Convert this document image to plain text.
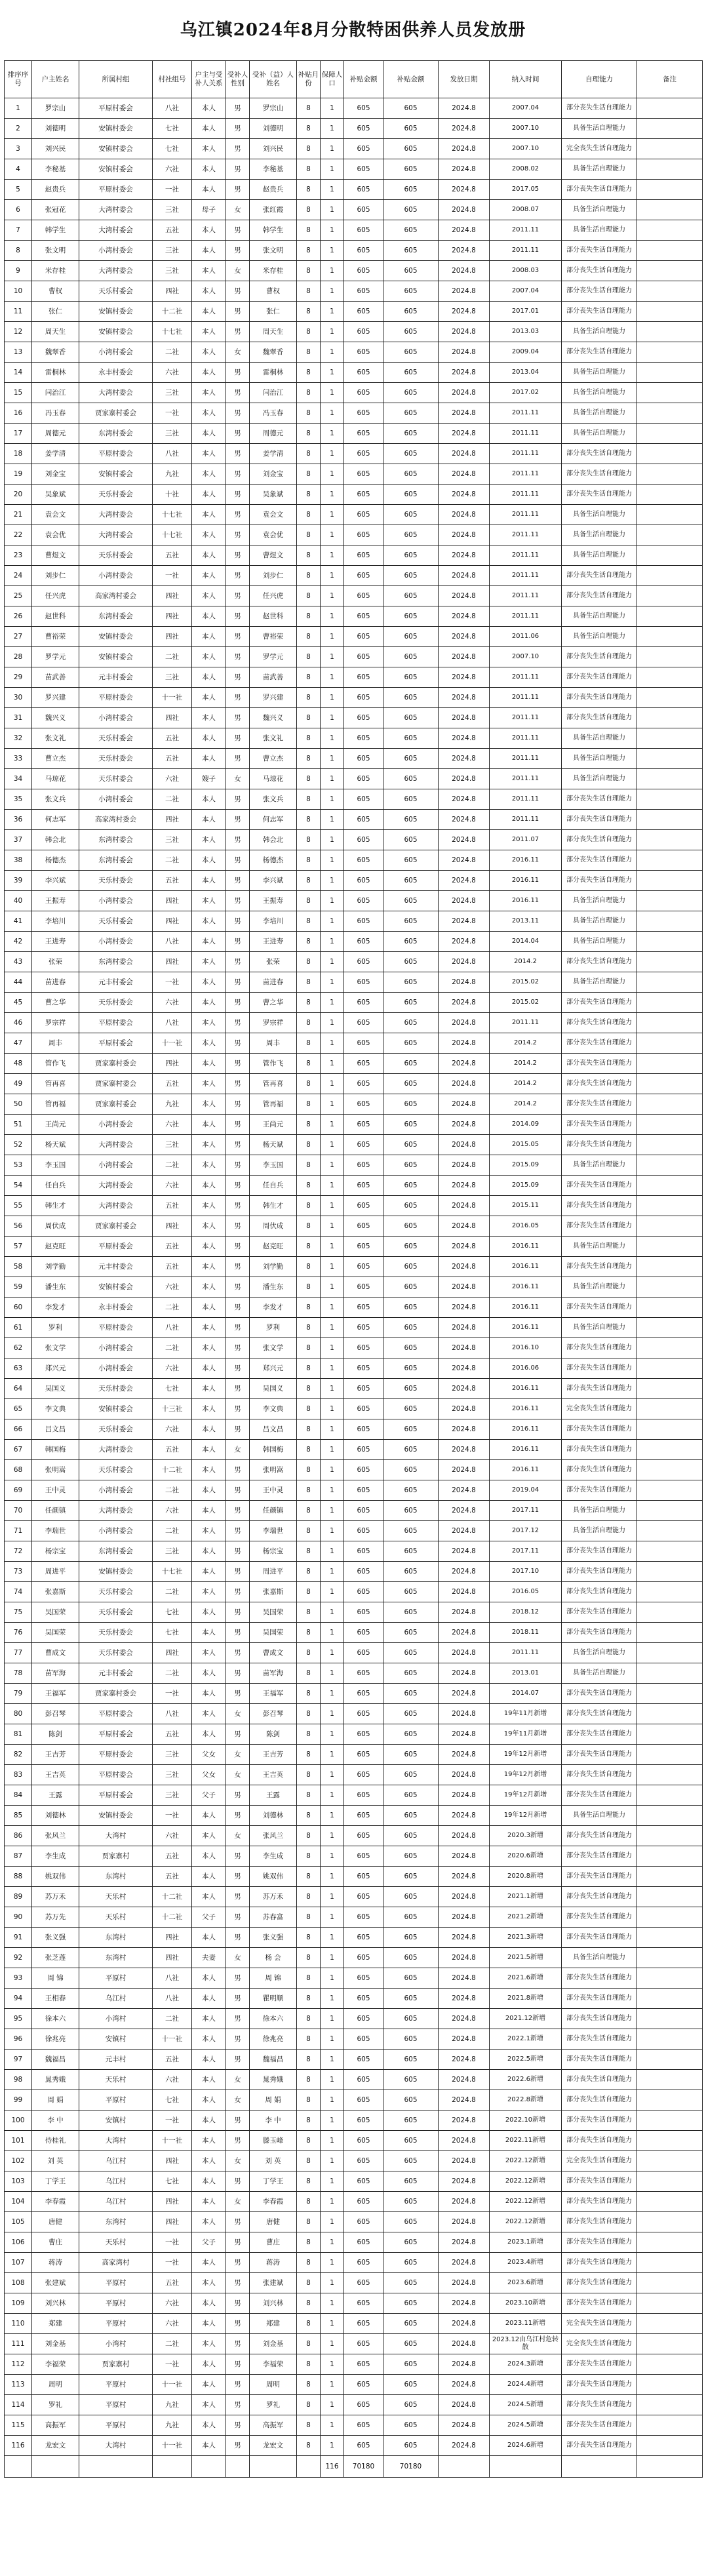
乌江镇2024年8月分散特困供养人员发放册
排序序号	户主姓名	所属村组	村社组号	户主与受补人关系	受补人性别	受补（益）人姓名	补贴月份	保障人口	补贴金额	补贴金额	发放日期	纳入时间	自理能力	备注
1	罗宗山	平原村委会	八社	本人	男	罗宗山	8	1	605	605	2024.8	2007.04	部分丧失生活自理能力	
2	刘德明	安镇村委会	七社	本人	男	刘德明	8	1	605	605	2024.8	2007.10	具备生活自理能力	
3	刘兴民	安镇村委会	七社	本人	男	刘兴民	8	1	605	605	2024.8	2007.10	完全丧失生活自理能力	
4	李秘基	安镇村委会	六社	本人	男	李秘基	8	1	605	605	2024.8	2008.02	具备生活自理能力	
5	赵贵兵	平原村委会	一社	本人	男	赵贵兵	8	1	605	605	2024.8	2017.05	部分丧失生活自理能力	
6	张冠花	大湾村委会	三社	母子	女	张红霞	8	1	605	605	2024.8	2008.07	具备生活自理能力	
7	韩学生	大湾村委会	五社	本人	男	韩学生	8	1	605	605	2024.8	2011.11	具备生活自理能力	
8	张文明	小湾村委会	三社	本人	男	张文明	8	1	605	605	2024.8	2011.11	部分丧失生活自理能力	
9	米存桂	大湾村委会	三社	本人	女	米存桂	8	1	605	605	2024.8	2008.03	部分丧失生活自理能力	
10	曹权	天乐村委会	四社	本人	男	曹权	8	1	605	605	2024.8	2007.04	部分丧失生活自理能力	
11	张仁	安镇村委会	十二社	本人	男	张仁	8	1	605	605	2024.8	2017.01	部分丧失生活自理能力	
12	周天生	安镇村委会	十七社	本人	男	周天生	8	1	605	605	2024.8	2013.03	具备生活自理能力	
13	魏翠香	小湾村委会	二社	本人	女	魏翠香	8	1	605	605	2024.8	2009.04	部分丧失生活自理能力	
14	雷桐林	永丰村委会	六社	本人	男	雷桐林	8	1	605	605	2024.8	2013.04	具备生活自理能力	
15	闫治江	大湾村委会	三社	本人	男	闫治江	8	1	605	605	2024.8	2017.02	具备生活自理能力	
16	冯玉春	贾家寨村委会	一社	本人	男	冯玉春	8	1	605	605	2024.8	2011.11	具备生活自理能力	
17	周德元	东湾村委会	三社	本人	男	周德元	8	1	605	605	2024.8	2011.11	具备生活自理能力	
18	姜学清	平原村委会	八社	本人	男	姜学清	8	1	605	605	2024.8	2011.11	部分丧失生活自理能力	
19	刘金宝	安镇村委会	九社	本人	男	刘金宝	8	1	605	605	2024.8	2011.11	部分丧失生活自理能力	
20	吴象斌	天乐村委会	十社	本人	男	吴象斌	8	1	605	605	2024.8	2011.11	部分丧失生活自理能力	
21	袁会文	大湾村委会	十七社	本人	男	袁会文	8	1	605	605	2024.8	2011.11	具备生活自理能力	
22	袁会优	大湾村委会	十七社	本人	男	袁会优	8	1	605	605	2024.8	2011.11	具备生活自理能力	
23	曹煜文	天乐村委会	五社	本人	男	曹煜文	8	1	605	605	2024.8	2011.11	具备生活自理能力	
24	刘步仁	小湾村委会	一社	本人	男	刘步仁	8	1	605	605	2024.8	2011.11	部分丧失生活自理能力	
25	任兴虎	高家湾村委会	四社	本人	男	任兴虎	8	1	605	605	2024.8	2011.11	部分丧失生活自理能力	
26	赵世科	东湾村委会	四社	本人	男	赵世科	8	1	605	605	2024.8	2011.11	具备生活自理能力	
27	曹裕荣	安镇村委会	四社	本人	男	曹裕荣	8	1	605	605	2024.8	2011.06	具备生活自理能力	
28	罗学元	安镇村委会	二社	本人	男	罗学元	8	1	605	605	2024.8	2007.10	部分丧失生活自理能力	
29	苗武善	元丰村委会	三社	本人	男	苗武善	8	1	605	605	2024.8	2011.11	部分丧失生活自理能力	
30	罗兴建	平原村委会	十一社	本人	男	罗兴建	8	1	605	605	2024.8	2011.11	部分丧失生活自理能力	
31	魏兴义	小湾村委会	四社	本人	男	魏兴义	8	1	605	605	2024.8	2011.11	部分丧失生活自理能力	
32	张文礼	天乐村委会	五社	本人	男	张文礼	8	1	605	605	2024.8	2011.11	具备生活自理能力	
33	曹立杰	天乐村委会	五社	本人	男	曹立杰	8	1	605	605	2024.8	2011.11	具备生活自理能力	
34	马琼花	天乐村委会	六社	嫂子	女	马琼花	8	1	605	605	2024.8	2011.11	具备生活自理能力	
35	张文兵	小湾村委会	二社	本人	男	张文兵	8	1	605	605	2024.8	2011.11	部分丧失生活自理能力	
36	何志军	高家湾村委会	四社	本人	男	何志军	8	1	605	605	2024.8	2011.11	部分丧失生活自理能力	
37	韩会北	东湾村委会	三社	本人	男	韩会北	8	1	605	605	2024.8	2011.07	部分丧失生活自理能力	
38	杨德杰	东湾村委会	二社	本人	男	杨德杰	8	1	605	605	2024.8	2016.11	部分丧失生活自理能力	
39	李兴斌	天乐村委会	五社	本人	男	李兴斌	8	1	605	605	2024.8	2016.11	部分丧失生活自理能力	
40	王振寿	小湾村委会	四社	本人	男	王振寿	8	1	605	605	2024.8	2016.11	具备生活自理能力	
41	李培川	天乐村委会	四社	本人	男	李培川	8	1	605	605	2024.8	2013.11	具备生活自理能力	
42	王进寿	小湾村委会	八社	本人	男	王进寿	8	1	605	605	2024.8	2014.04	具备生活自理能力	
43	张荣	东湾村委会	四社	本人	男	张荣	8	1	605	605	2024.8	2014.2	部分丧失生活自理能力	
44	苗进春	元丰村委会	一社	本人	男	苗进春	8	1	605	605	2024.8	2015.02	具备生活自理能力	
45	曹之华	天乐村委会	六社	本人	男	曹之华	8	1	605	605	2024.8	2015.02	部分丧失生活自理能力	
46	罗宗祥	平原村委会	八社	本人	男	罗宗祥	8	1	605	605	2024.8	2011.11	部分丧失生活自理能力	
47	周丰	平原村委会	十一社	本人	男	周丰	8	1	605	605	2024.8	2014.2	部分丧失生活自理能力	
48	管作飞	贾家寨村委会	四社	本人	男	管作飞	8	1	605	605	2024.8	2014.2	部分丧失生活自理能力	
49	管再喜	贾家寨村委会	五社	本人	男	管再喜	8	1	605	605	2024.8	2014.2	部分丧失生活自理能力	
50	管再福	贾家寨村委会	九社	本人	男	管再福	8	1	605	605	2024.8	2014.2	部分丧失生活自理能力	
51	王尚元	小湾村委会	六社	本人	男	王尚元	8	1	605	605	2024.8	2014.09	部分丧失生活自理能力	
52	杨天斌	大湾村委会	三社	本人	男	杨天斌	8	1	605	605	2024.8	2015.05	部分丧失生活自理能力	
53	李玉国	小湾村委会	二社	本人	男	李玉国	8	1	605	605	2024.8	2015.09	具备生活自理能力	
54	任自兵	大湾村委会	六社	本人	男	任自兵	8	1	605	605	2024.8	2015.09	部分丧失生活自理能力	
55	韩生才	大湾村委会	五社	本人	男	韩生才	8	1	605	605	2024.8	2015.11	部分丧失生活自理能力	
56	周伏成	贾家寨村委会	四社	本人	男	周伏成	8	1	605	605	2024.8	2016.05	部分丧失生活自理能力	
57	赵克旺	平原村委会	五社	本人	男	赵克旺	8	1	605	605	2024.8	2016.11	具备生活自理能力	
58	刘学勤	元丰村委会	五社	本人	男	刘学勤	8	1	605	605	2024.8	2016.11	部分丧失生活自理能力	
59	潘生东	安镇村委会	六社	本人	男	潘生东	8	1	605	605	2024.8	2016.11	具备生活自理能力	
60	李发才	永丰村委会	二社	本人	男	李发才	8	1	605	605	2024.8	2016.11	部分丧失生活自理能力	
61	罗利	平原村委会	八社	本人	男	罗利	8	1	605	605	2024.8	2016.11	具备生活自理能力	
62	张文学	小湾村委会	二社	本人	男	张文学	8	1	605	605	2024.8	2016.10	部分丧失生活自理能力	
63	郑兴元	小湾村委会	六社	本人	男	郑兴元	8	1	605	605	2024.8	2016.06	部分丧失生活自理能力	
64	吴国义	天乐村委会	七社	本人	男	吴国义	8	1	605	605	2024.8	2016.11	部分丧失生活自理能力	
65	李文典	安镇村委会	十三社	本人	男	李文典	8	1	605	605	2024.8	2016.11	完全丧失生活自理能力	
66	吕文昌	天乐村委会	六社	本人	男	吕文昌	8	1	605	605	2024.8	2016.11	部分丧失生活自理能力	
67	韩国梅	大湾村委会	五社	本人	女	韩国梅	8	1	605	605	2024.8	2016.11	部分丧失生活自理能力	
68	张明嵩	天乐村委会	十二社	本人	男	张明嵩	8	1	605	605	2024.8	2016.11	部分丧失生活自理能力	
69	王中灵	小湾村委会	二社	本人	男	王中灵	8	1	605	605	2024.8	2019.04	部分丧失生活自理能力	
70	任颜镇	大湾村委会	六社	本人	男	任颜镇	8	1	605	605	2024.8	2017.11	具备生活自理能力	
71	李瑞世	小湾村委会	二社	本人	男	李瑞世	8	1	605	605	2024.8	2017.12	具备生活自理能力	
72	杨宗宝	东湾村委会	三社	本人	男	杨宗宝	8	1	605	605	2024.8	2017.11	部分丧失生活自理能力	
73	周进平	安镇村委会	十七社	本人	男	周进平	8	1	605	605	2024.8	2017.10	部分丧失生活自理能力	
74	张嘉斯	天乐村委会	二社	本人	男	张嘉斯	8	1	605	605	2024.8	2016.05	部分丧失生活自理能力	
75	吴国荣	天乐村委会	七社	本人	男	吴国荣	8	1	605	605	2024.8	2018.12	部分丧失生活自理能力	
76	吴国荣	天乐村委会	七社	本人	男	吴国荣	8	1	605	605	2024.8	2018.11	部分丧失生活自理能力	
77	曹成文	天乐村委会	四社	本人	男	曹成文	8	1	605	605	2024.8	2011.11	具备生活自理能力	
78	苗军海	元丰村委会	二社	本人	男	苗军海	8	1	605	605	2024.8	2013.01	具备生活自理能力	
79	王福军	贾家寨村委会	一社	本人	男	王福军	8	1	605	605	2024.8	2014.07	部分丧失生活自理能力	
80	彭召琴	平原村委会	八社	本人	女	彭召琴	8	1	605	605	2024.8	19年11月新增	部分丧失生活自理能力	
81	陈剑	平原村委会	五社	本人	男	陈剑	8	1	605	605	2024.8	19年11月新增	部分丧失生活自理能力	
82	王吉芳	平原村委会	三社	父女	女	王吉芳	8	1	605	605	2024.8	19年12月新增	部分丧失生活自理能力	
83	王吉英	平原村委会	三社	父女	女	王吉英	8	1	605	605	2024.8	19年12月新增	部分丧失生活自理能力	
84	王露	平原村委会	三社	父子	男	王露	8	1	605	605	2024.8	19年12月新增	部分丧失生活自理能力	
85	刘德林	安镇村委会	一社	本人	男	刘德林	8	1	605	605	2024.8	19年12月新增	具备生活自理能力	
86	张风兰	大湾村	六社	本人	女	张风兰	8	1	605	605	2024.8	2020.3新增	部分丧失生活自理能力	
87	李生成	贾家寨村	五社	本人	男	李生成	8	1	605	605	2024.8	2020.6新增	部分丧失生活自理能力	
88	姚双伟	东湾村	五社	本人	男	姚双伟	8	1	605	605	2024.8	2020.8新增	部分丧失生活自理能力	
89	苏万禾	天乐村	十二社	本人	男	苏万禾	8	1	605	605	2024.8	2021.1新增	部分丧失生活自理能力	
90	苏万先	天乐村	十二社	父子	男	苏春富	8	1	605	605	2024.8	2021.2新增	部分丧失生活自理能力	
91	张义强	东湾村	四社	本人	男	张义强	8	1	605	605	2024.8	2021.3新增	部分丧失生活自理能力	
92	张芝莲	东湾村	四社	夫妻	女	杨 会	8	1	605	605	2024.8	2021.5新增	具备生活自理能力	
93	周 锦	平原村	八社	本人	男	周 锦	8	1	605	605	2024.8	2021.6新增	部分丧失生活自理能力	
94	王相春	乌江村	八社	本人	男	瞿明顺	8	1	605	605	2024.8	2021.8新增	部分丧失生活自理能力	
95	徐本六	小湾村	二社	本人	男	徐本六	8	1	605	605	2024.8	2021.12新增	部分丧失生活自理能力	
96	徐兆亮	安镇村	十一社	本人	男	徐兆亮	8	1	605	605	2024.8	2022.1新增	部分丧失生活自理能力	
97	魏福昌	元丰村	五社	本人	男	魏福昌	8	1	605	605	2024.8	2022.5新增	部分丧失生活自理能力	
98	晁秀娥	天乐村	六社	本人	女	晁秀娥	8	1	605	605	2024.8	2022.6新增	部分丧失生活自理能力	
99	周 娟	平原村	七社	本人	女	周 娟	8	1	605	605	2024.8	2022.8新增	部分丧失生活自理能力	
100	李 中	安镇村	一社	本人	男	李 中	8	1	605	605	2024.8	2022.10新增	部分丧失生活自理能力	
101	侍桂礼	大湾村	十一社	本人	男	滕玉峰	8	1	605	605	2024.8	2022.11新增	部分丧失生活自理能力	
102	刘 英	乌江村	四社	本人	女	刘 英	8	1	605	605	2024.8	2022.12新增	完全丧失生活自理能力	
103	丁学王	乌江村	七社	本人	男	丁学王	8	1	605	605	2024.8	2022.12新增	部分丧失生活自理能力	
104	李春霞	乌江村	四社	本人	女	李春霞	8	1	605	605	2024.8	2022.12新增	部分丧失生活自理能力	
105	唐健	东湾村	四社	本人	男	唐健	8	1	605	605	2024.8	2022.12新增	部分丧失生活自理能力	
106	曹庄	天乐村	一社	父子	男	曹庄	8	1	605	605	2024.8	2023.1新增	部分丧失生活自理能力	
107	蒋涛	高家湾村	一社	本人	男	蒋涛	8	1	605	605	2024.8	2023.4新增	部分丧失生活自理能力	
108	张建斌	平原村	五社	本人	男	张建斌	8	1	605	605	2024.8	2023.6新增	部分丧失生活自理能力	
109	刘兴林	平原村	六社	本人	男	刘兴林	8	1	605	605	2024.8	2023.10新增	部分丧失生活自理能力	
110	郑建	平原村	六社	本人	男	郑建	8	1	605	605	2024.8	2023.11新增	完全丧失生活自理能力	
111	刘金基	小湾村	二社	本人	男	刘金基	8	1	605	605	2024.8	2023.12由乌江村危转散	完全丧失生活自理能力	
112	李福荣	贾家寨村	一社	本人	男	李福荣	8	1	605	605	2024.8	2024.3新增	部分丧失生活自理能力	
113	周明	平原村	十一社	本人	男	周明	8	1	605	605	2024.8	2024.4新增	部分丧失生活自理能力	
114	罗礼	平原村	九社	本人	男	罗礼	8	1	605	605	2024.8	2024.5新增	部分丧失生活自理能力	
115	高振军	平原村	九社	本人	男	高振军	8	1	605	605	2024.8	2024.5新增	部分丧失生活自理能力	
116	龙宏文	大湾村	十一社	本人	男	龙宏文	8	1	605	605	2024.8	2024.6新增	部分丧失生活自理能力	
								116	70180	70180				
